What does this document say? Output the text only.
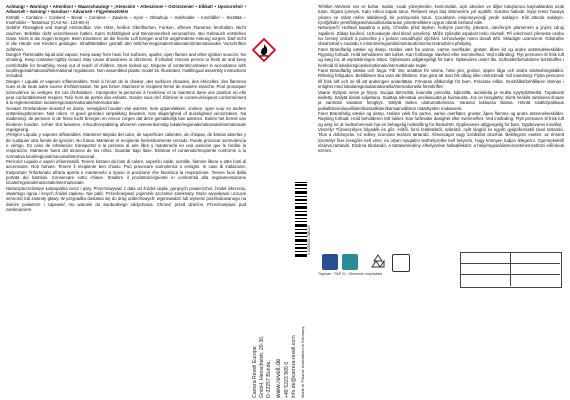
Achtung! • Warning! • Attention! • Waarschuwing! • ¡Atención! • Attenzione! • Ostrzezenie! • Dikkat! • Upozornění! • Advarsel! • Varning! • Varoitus! • Advarsel! • Figyelmeztetés!

Enthält – Contains – Contient – Bevat – Contiene – Zawiera – Içerir – Obsahuje – Indeholder – Innehåller – Sisältää – Inneholder – Tartalmaz (CAS-Nr.: 123-86-4)

Gefahr! Flüssigkeit und Dampf entzündbar. Von Hitze, heißen Oberflächen, Funken, offenen Flammen fernhalten. Nicht rauchen. Behälter dicht verschlossen halten. Kann Schläfrigkeit und Benommenheit verursachen. Bei Gebrauch entstehen Gase. Nicht in die Augen bringen. Beim Einatmen: an die frische Luft bringen und für ungehinderte Atmung sorgen. Darf nicht in die Hände von Kindern gelangen. Inhalt/Behälter gemäß den örtlichen/regionalen/nationalen/internationalen Vorschriften zuführen.

Danger! Flammable liquid and vapour. Keep away from heat, hot surfaces, sparks, open flames and other ignition sources. No smoking. Keep container tightly closed. May cause drowsiness or dizziness. If inhaled: remove person to fresh air and keep comfortable for breathing. Keep out of reach of children. Store locked up. Dispose of contents/container in accordance with local/regional/national/international regulations. Non-assembled plastic model kit. Illustrated, multilingual assembly instructions included.

Danger ! Liquide et vapeurs inflammables. Tenir à l'écart de la chaleur, des surfaces chaudes, des étincelles, des flammes nues et de toute autre source d'inflammation. Ne pas fumer. Maintenir le récipient fermé de manière étanche. Peut provoquer somnolence ou vertiges. En cas d'inhalation : transporter la personne à l'extérieur et la maintenir dans une position où elle peut confortablement respirer. Tenir hors de portée des enfants. Garder sous clef. Éliminer le contenu/récipient conformément à la réglementation locale/régionale/nationale/internationale.

Gevaar! Ontvlambare vloeistof en damp. Verwijderd houden van warmte, hete oppervlakken, vonken, open vuur en andere ontstekingsbronnen. Niet roken. In goed gesloten verpakking bewaren. Kan slaperigheid of duizeligheid veroorzaken. Na inademing: de persoon in de frisse lucht brengen en ervoor zorgen dat deze gemakkelijk kan ademen. Buiten het bereik van kinderen houden. Achter slot bewaren. Inhoud/verpakking afvoeren overeenkomstig lokale/regionale/nationale/internationale regelgeving.

¡Peligro! Líquido y vapores inflamables. Mantener alejado del calor, de superficies calientes, de chispas, de llamas abiertas y de cualquier otra fuente de ignición. No fumar. Mantener el recipiente herméticamente cerrado. Puede provocar somnolencia o vértigo. En caso de inhalación: transportar a la persona al aire libre y mantenerla en una posición que le facilite la respiración. Mantener fuera del alcance de los niños. Guardar bajo llave. Eliminar el contenido/recipiente conforme a la normativa local/regional/nacional/internacional.

Pericolo! Liquido e vapori infiammabili. Tenere lontano da fonti di calore, superfici calde, scintille, fiamme libere o altre fonti di accensione. Non fumare. Tenere il recipiente ben chiuso. Può provocare sonnolenza o vertigini. In caso di inalazione: trasportare l'infortunato all'aria aperta e mantenerlo a riposo in posizione che favorisca la respirazione. Tenere fuori dalla portata dei bambini. Conservare sotto chiave. Smaltire il prodotto/recipiente in conformità alla regolamentazione locale/regionale/nazionale/internazionale.

Niebezpieczeństwo! Łatwopalna ciecz i pary. Przechowywać z dala od źródeł ciepła, gorących powierzchni, źródeł iskrzenia, otwartego ognia i innych źródeł zapłonu. Nie palić. Przechowywać pojemnik szczelnie zamknięty. Może wywoływać uczucie senności lub zawroty głowy. W przypadku dostania się do dróg oddechowych: wyprowadzić lub wynieść poszkodowanego na świeże powietrze i zapewnić mu warunki do swobodnego oddychania. Chronić przed dziećmi. Przechowywać pod zamknięciem.

Tehlike! Alevlenir sıvı ve buhar. Isıdan, sıcak yüzeylerden, kıvılcımdan, açık alevden ve diğer tutuşturucu kaynaklardan uzak tutun. Sigara içmeyin. Kabı sıkıca kapalı tutun. Rehavet veya baş dönmesine yol açabilir. Soluma halinde: kişiyi temiz havaya çıkarın ve rahat nefes alabileceği bir pozisyonda tutun. Çocukların erişemeyeceği yerde saklayın. Kilit altında saklayın. İçeriği/kabı yerel/bölgesel/ulusal/uluslararası yönetmeliklere uygun olarak bertaraf edin.

Nebezpečí! Hořlavá kapalina a páry. Chraňte před teplem, horkými povrchy, jiskrami, otevřeným plamenem a jinými zdroji zapálení. Zákaz kouření. Uchovávejte obal těsně uzavřený. Může způsobit ospalost nebo závratě. Při vdechnutí: přeneste osobu na čerstvý vzduch a ponechte ji v poloze usnadňující dýchání. Uchovávejte mimo dosah dětí. Skladujte uzamčené. Odstraňte obsah/obal v souladu s místními/regionálními/národními/mezinárodními předpisy.

Fare! Brandfarlig væske og damp. Holdes væk fra varme, varme overflader, gnister, åben ild og andre antændelseskilder. Rygning forbudt. Hold beholderen tæt lukket. Kan forårsage sløvhed eller svimmelhed. Ved indånding: Flyt personen til frisk luft og sørg for, at vejrtrækningen lettes. Opbevares utilgængeligt for børn. Opbevares under lås. Indholdet/beholderen bortskaffes i henhold til lokale/regionale/nationale/internationale regler.

Fara! Brandfarlig vätska och ånga. Får inte utsättas för värme, heta ytor, gnistor, öppen låga och andra antändningskällor. Rökning förbjuden. Behållaren ska vara väl tillsluten. Kan göra att man blir dåsig eller omtöcknad. Vid inandning: Flytta personen till frisk luft och se till att andningen underlättas. Förvaras oåtkomligt för barn. Förvaras inlåst. Innehållet/behållaren lämnas i enlighet med lokala/regionala/nationella/internationella föreskrifter.

Vaara! Syttyvä neste ja höyry. Suojaa lämmöltä, kuumilta pinnoilta, kipinöiltä, avotulelta ja muilta sytytyslähteiltä. Tupakointi kielletty. Säilytä tiiviisti suljettuna. Saattaa aiheuttaa uneliaisuutta ja huimausta. Jos on hengitetty: Siirrä henkilö raittiiseen ilmaan ja varmista vaivaton hengitys. Säilytä lasten ulottumattomissa. Varastoi lukitussa tilassa. Hävitä sisältö/pakkaus paikallisten/alueellisten/kansallisten/kansainvälisten määräysten mukaisesti.

Fare! Brannfarlig væske og damp. Holdes vekk fra varme, varme overflater, gnister, åpen flamme og andre antennelseskilder. Røyking forbudt. Hold beholderen tett lukket. Kan forårsake døsighet eller svimmelhet. Ved innånding: Flytt personen til frisk luft og sørg for at vedkommende har en behagelig hvilestilling for åndedrett. Oppbevares utilgjengelig for barn. Oppbevares innelåst.

Veszély! Tűzveszélyes folyadék és gőz. Hőtől, forró felületektől, szikrától, nyílt lángtól és egyéb gyújtóforrástól távol tartandó. Tilos a dohányzás. Az edény szorosan lezárva tartandó. Álmosságot vagy szédülést okozhat. Belélegzés esetén: az érintett személyt friss levegőre kell vinni, és olyan nyugalmi testhelyzetbe kell helyezni, hogy könnyen tudjon lélegezni. Gyermekektől elzárva tartandó. Elzárva tárolandó. A tartalom/edény elhelyezése hulladékként: a helyi/regionális/nemzeti/nemzetközi előírások szerint.

Tidyman · PAP 21 · Elements recyclables
Carrera Revell Europe GmbH, Henschelstr. 20-30, D-32257 Bünde, www.revell.de +49 5223 965 0 info.de@carrera-revell.com Made in Poland. Assembled in Germany.
4 009803 758024
